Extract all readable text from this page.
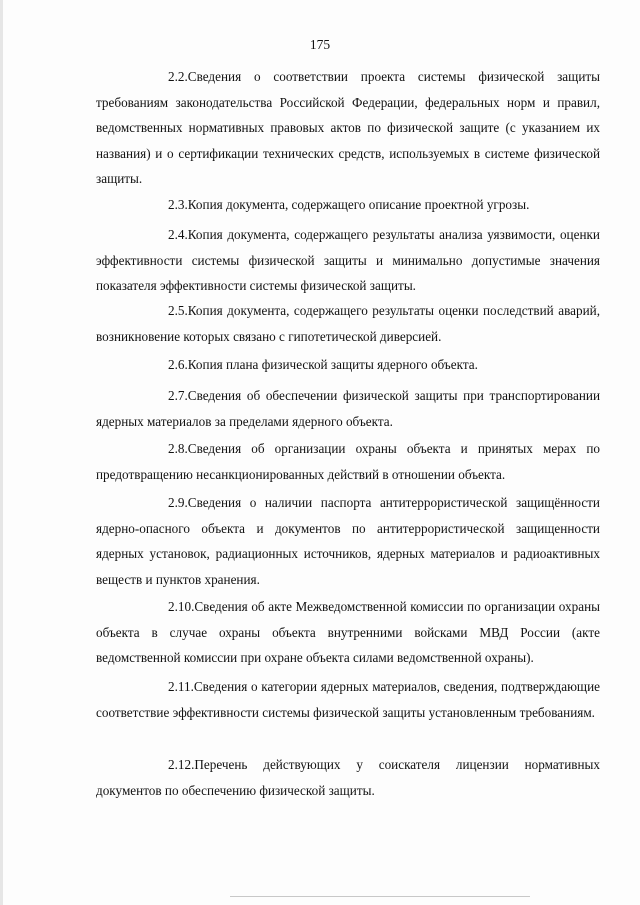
175

2.2.Сведения о соответствии проекта системы физической защиты требованиям законодательства Российской Федерации, федеральных норм и правил, ведомственных нормативных правовых актов по физической защите (с указанием их названия) и о сертификации технических средств, используемых в системе физической защиты.

2.3.Копия документа, содержащего описание проектной угрозы.

2.4.Копия документа, содержащего результаты анализа уязвимости, оценки эффективности системы физической защиты и минимально допустимые значения показателя эффективности системы физической защиты.

2.5.Копия документа, содержащего результаты оценки последствий аварий, возникновение которых связано с гипотетической диверсией.

2.6.Копия плана физической защиты ядерного объекта.

2.7.Сведения об обеспечении физической защиты при транспортировании ядерных материалов за пределами ядерного объекта.

2.8.Сведения об организации охраны объекта и принятых мерах по предотвращению несанкционированных действий в отношении объекта.

2.9.Сведения о наличии паспорта антитеррористической защищённости ядерно-опасного объекта и документов по антитеррористической защищенности ядерных установок, радиационных источников, ядерных материалов и радиоактивных веществ и пунктов хранения.

2.10.Сведения об акте Межведомственной комиссии по организации охраны объекта в случае охраны объекта внутренними войсками МВД России (акте ведомственной комиссии при охране объекта силами ведомственной охраны).

2.11.Сведения о категории ядерных материалов, сведения, подтверждающие соответствие эффективности системы физической защиты установленным требованиям.

2.12.Перечень действующих у соискателя лицензии нормативных документов по обеспечению физической защиты.
